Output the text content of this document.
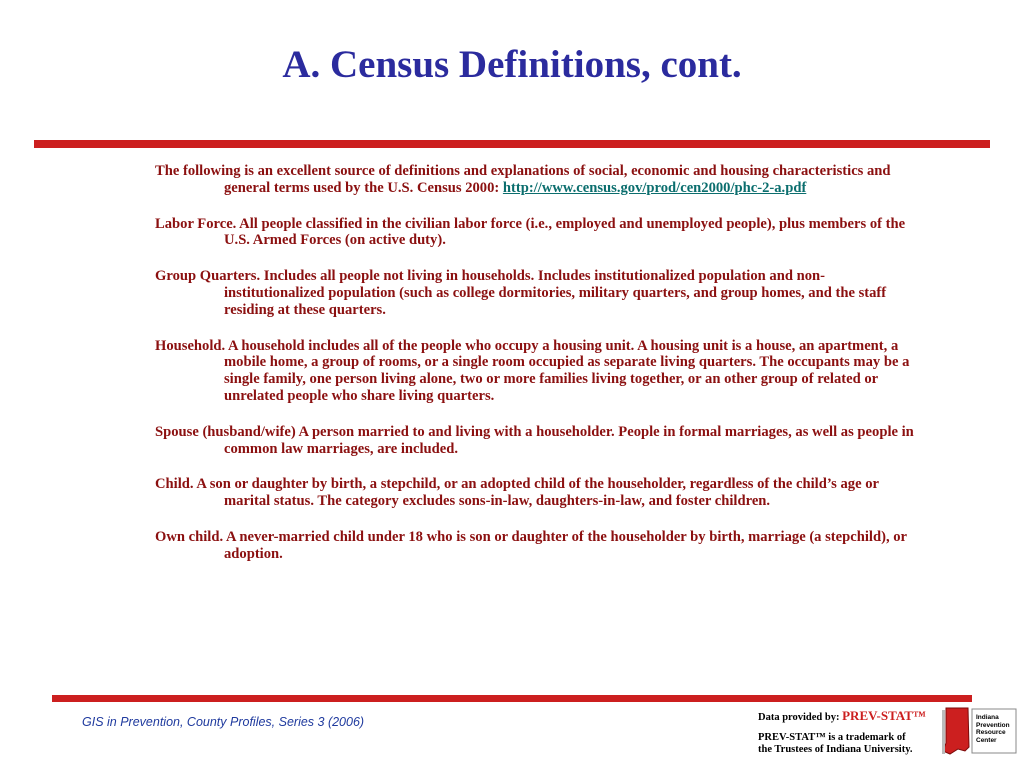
A. Census Definitions, cont.

The following is an excellent source of definitions and explanations of social, economic and housing characteristics and general terms used by the U.S. Census 2000: http://www.census.gov/prod/cen2000/phc-2-a.pdf

Labor Force. All people classified in the civilian labor force (i.e., employed and unemployed people), plus members of the U.S. Armed Forces (on active duty).

Group Quarters. Includes all people not living in households. Includes institutionalized population and non-institutionalized population (such as college dormitories, military quarters, and group homes, and the staff residing at these quarters.

Household. A household includes all of the people who occupy a housing unit. A housing unit is a house, an apartment, a mobile home, a group of rooms, or a single room occupied as separate living quarters. The occupants may be a single family, one person living alone, two or more families living together, or an other group of related or unrelated people who share living quarters.

Spouse (husband/wife) A person married to and living with a householder. People in formal marriages, as well as people in common law marriages, are included.

Child. A son or daughter by birth, a stepchild, or an adopted child of the householder, regardless of the child’s age or marital status. The category excludes sons-in-law, daughters-in-law, and foster children.

Own child. A never-married child under 18 who is son or daughter of the householder by birth, marriage (a stepchild), or adoption.

GIS in Prevention, County Profiles, Series 3 (2006)	Data provided by: PREV-STAT™
PREV-STAT™ is a trademark of
the Trustees of Indiana University.
Indiana
Prevention
Resource
Center
